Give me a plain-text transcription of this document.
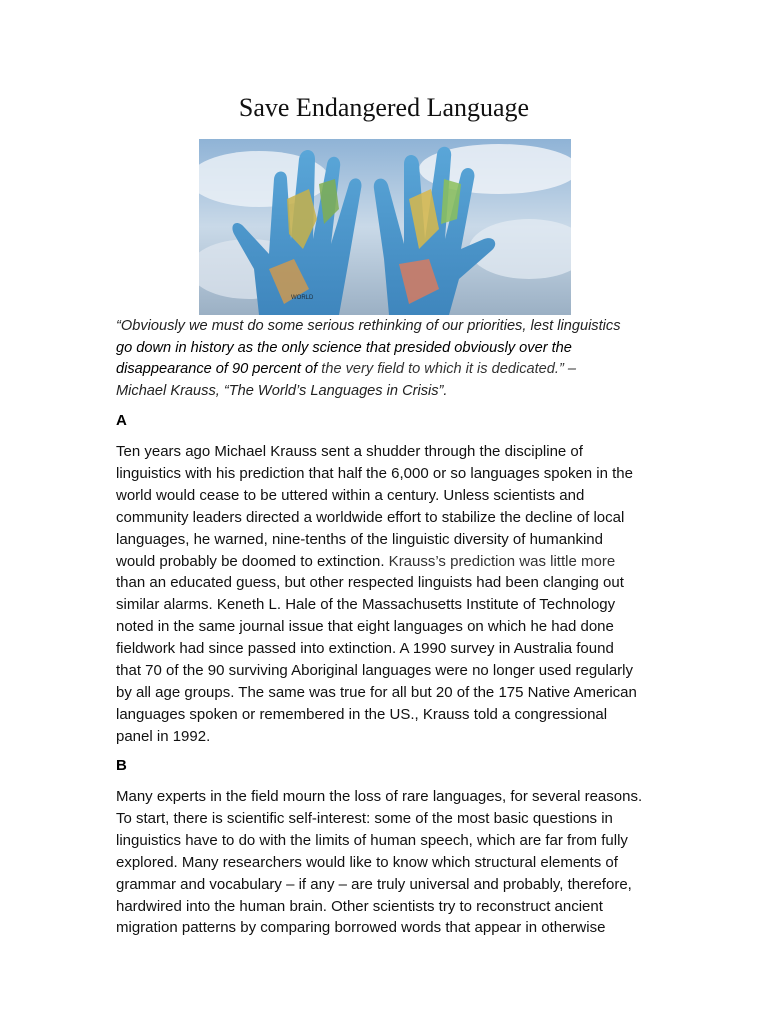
Save Endangered Language
WORLD
“Obviously we must do some serious rethinking of our priorities, lest linguistics
go down in history as the only science that presided obviously over the
disappearance of 90 percent of the very field to which it is dedicated.” –
Michael Krauss, “The World’s Languages in Crisis”.
A
Ten years ago Michael Krauss sent a shudder through the discipline of
linguistics with his prediction that half the 6,000 or so languages spoken in the
world would cease to be uttered within a century. Unless scientists and
community leaders directed a worldwide effort to stabilize the decline of local
languages, he warned, nine-tenths of the linguistic diversity of humankind
would probably be doomed to extinction. Krauss’s prediction was little more
than an educated guess, but other respected linguists had been clanging out
similar alarms. Keneth L. Hale of the Massachusetts Institute of Technology
noted in the same journal issue that eight languages on which he had done
fieldwork had since passed into extinction. A 1990 survey in Australia found
that 70 of the 90 surviving Aboriginal languages were no longer used regularly
by all age groups. The same was true for all but 20 of the 175 Native American
languages spoken or remembered in the US., Krauss told a congressional
panel in 1992.
B
Many experts in the field mourn the loss of rare languages, for several reasons.
To start, there is scientific self-interest: some of the most basic questions in
linguistics have to do with the limits of human speech, which are far from fully
explored. Many researchers would like to know which structural elements of
grammar and vocabulary – if any – are truly universal and probably, therefore,
hardwired into the human brain. Other scientists try to reconstruct ancient
migration patterns by comparing borrowed words that appear in otherwise
